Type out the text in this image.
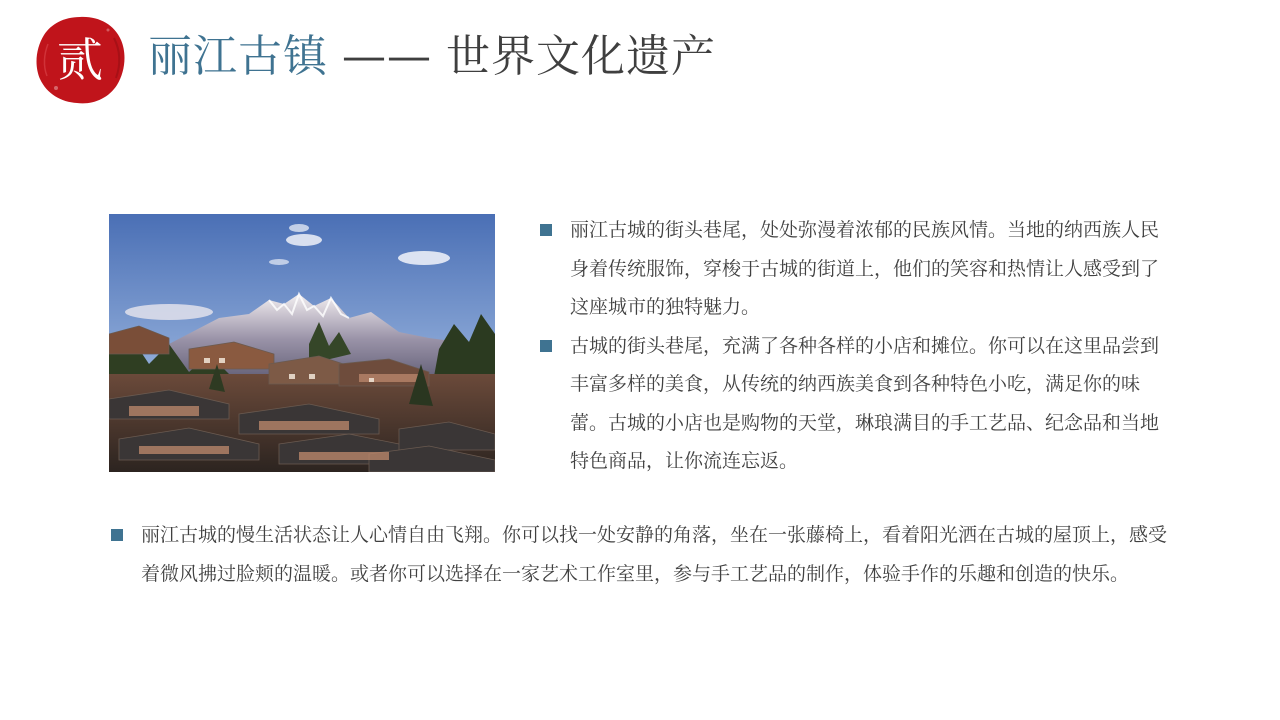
贰	丽江古镇 —— 世界文化遗产
丽江古城的街头巷尾，处处弥漫着浓郁的民族风情。当地的纳西族人民身着传统服饰，穿梭于古城的街道上，他们的笑容和热情让人感受到了这座城市的独特魅力。
古城的街头巷尾，充满了各种各样的小店和摊位。你可以在这里品尝到丰富多样的美食，从传统的纳西族美食到各种特色小吃，满足你的味蕾。古城的小店也是购物的天堂，琳琅满目的手工艺品、纪念品和当地特色商品，让你流连忘返。
丽江古城的慢生活状态让人心情自由飞翔。你可以找一处安静的角落，坐在一张藤椅上，看着阳光洒在古城的屋顶上，感受着微风拂过脸颊的温暖。或者你可以选择在一家艺术工作室里，参与手工艺品的制作，体验手作的乐趣和创造的快乐。
